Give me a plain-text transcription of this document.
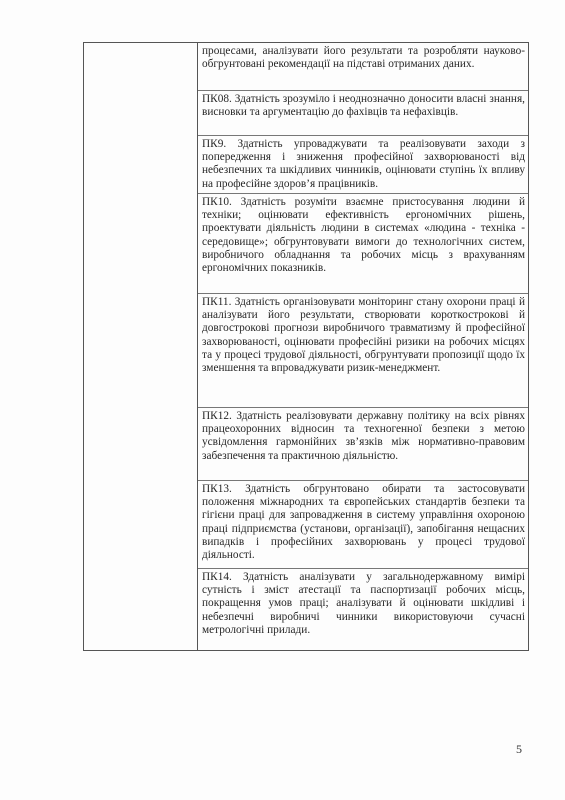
процесами, аналізувати його результати та розробляти науково-обгрунтовані рекомендації на підставі отриманих даних.
ПК08. Здатність зрозуміло і неоднозначно доносити власні знання, висновки та аргументацію до фахівців та нефахівців.
ПК9. Здатність упроваджувати та реалізовувати заходи з попередження і зниження професійної захворюваності від небезпечних та шкідливих чинників, оцінювати ступінь їх впливу на професійне здоров’я працівників.
ПК10. Здатність розуміти взаємне пристосування людини й техніки; оцінювати ефективність ергономічних рішень, проектувати діяльність людини в системах «людина - техніка - середовище»; обгрунтовувати вимоги до технологічних систем, виробничого обладнання та робочих місць з врахуванням ергономічних показників.
ПК11. Здатність організовувати моніторинг стану охорони праці й аналізувати його результати, створювати короткострокові й довгострокові прогнози виробничого травматизму й професійної захворюваності, оцінювати професійні ризики на робочих місцях та у процесі трудової діяльності, обгрунтувати пропозиції щодо їх зменшення та впроваджувати ризик-менеджмент.
ПК12. Здатність реалізовувати державну політику на всіх рівнях працеохоронних відносин та техногенної безпеки з метою усвідомлення гармонійних зв’язків між нормативно-правовим забезпечення та практичною діяльністю.
ПК13. Здатність обгрунтовано обирати та застосовувати положення міжнародних та європейських стандартів безпеки та гігієни праці для запровадження в систему управління охороною праці підприємства (установи, організації), запобігання нещасних випадків і професійних захворювань у процесі трудової діяльності.
ПК14. Здатність аналізувати у загальнодержавному вимірі сутність і зміст атестації та паспортизації робочих місць, покращення умов праці; аналізувати й оцінювати шкідливі і небезпечні виробничі чинники використовуючи сучасні метрологічні прилади.
5
